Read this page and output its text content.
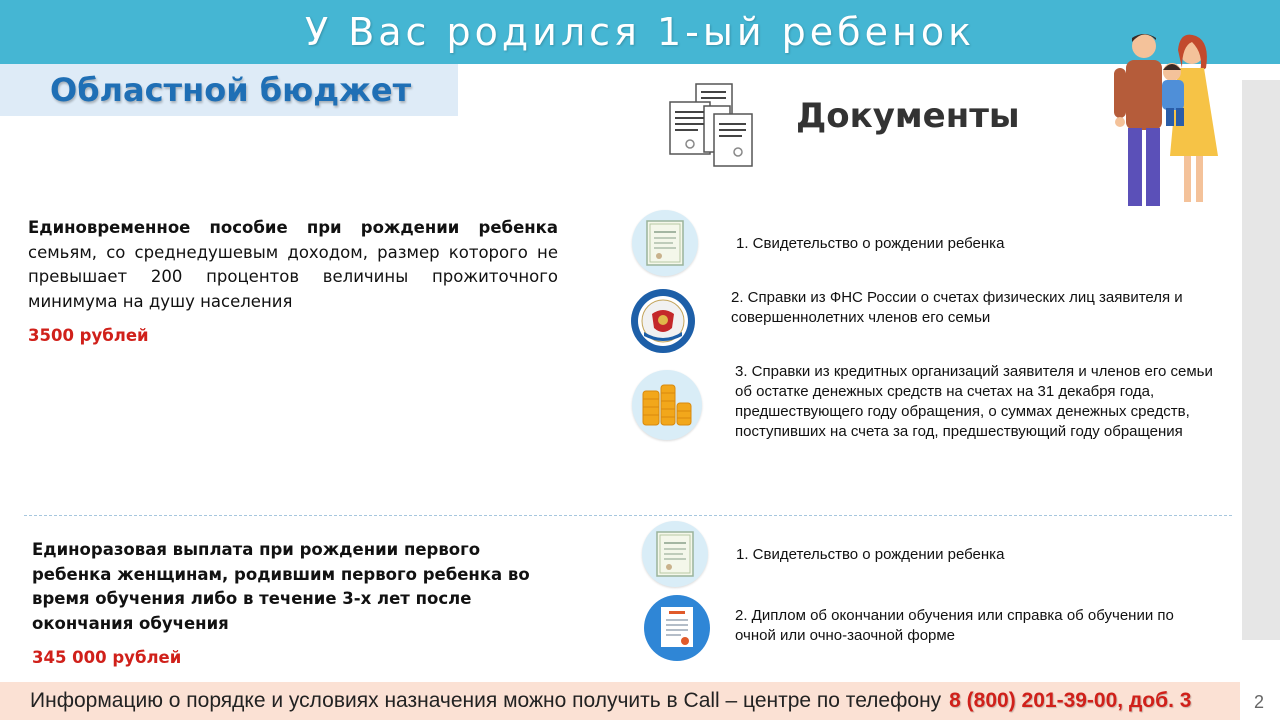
У Вас родился 1-ый ребенок
Областной бюджет
Документы
Единовременное пособие при рождении ребенка семьям, со среднедушевым доходом, размер которого не превышает 200 процентов величины прожиточного минимума на душу населения
3500 рублей
1. Свидетельство о рождении ребенка
2. Справки из ФНС России о счетах физических лиц заявителя и совершеннолетних членов его семьи
3. Справки из кредитных организаций заявителя и членов его семьи об остатке денежных средств на счетах на 31 декабря года, предшествующего году обращения, о суммах денежных средств, поступивших на счета за год, предшествующий году обращения
Единоразовая выплата при рождении первого ребенка женщинам, родившим первого ребенка во время обучения либо в течение 3-х лет после окончания обучения
345 000 рублей
1. Свидетельство о рождении ребенка
2. Диплом об окончании обучения или справка об обучении по очной или очно-заочной форме
Информацию о порядке и условиях назначения можно получить в Call – центре по телефону 8 (800) 201-39-00, доб. 3	2
